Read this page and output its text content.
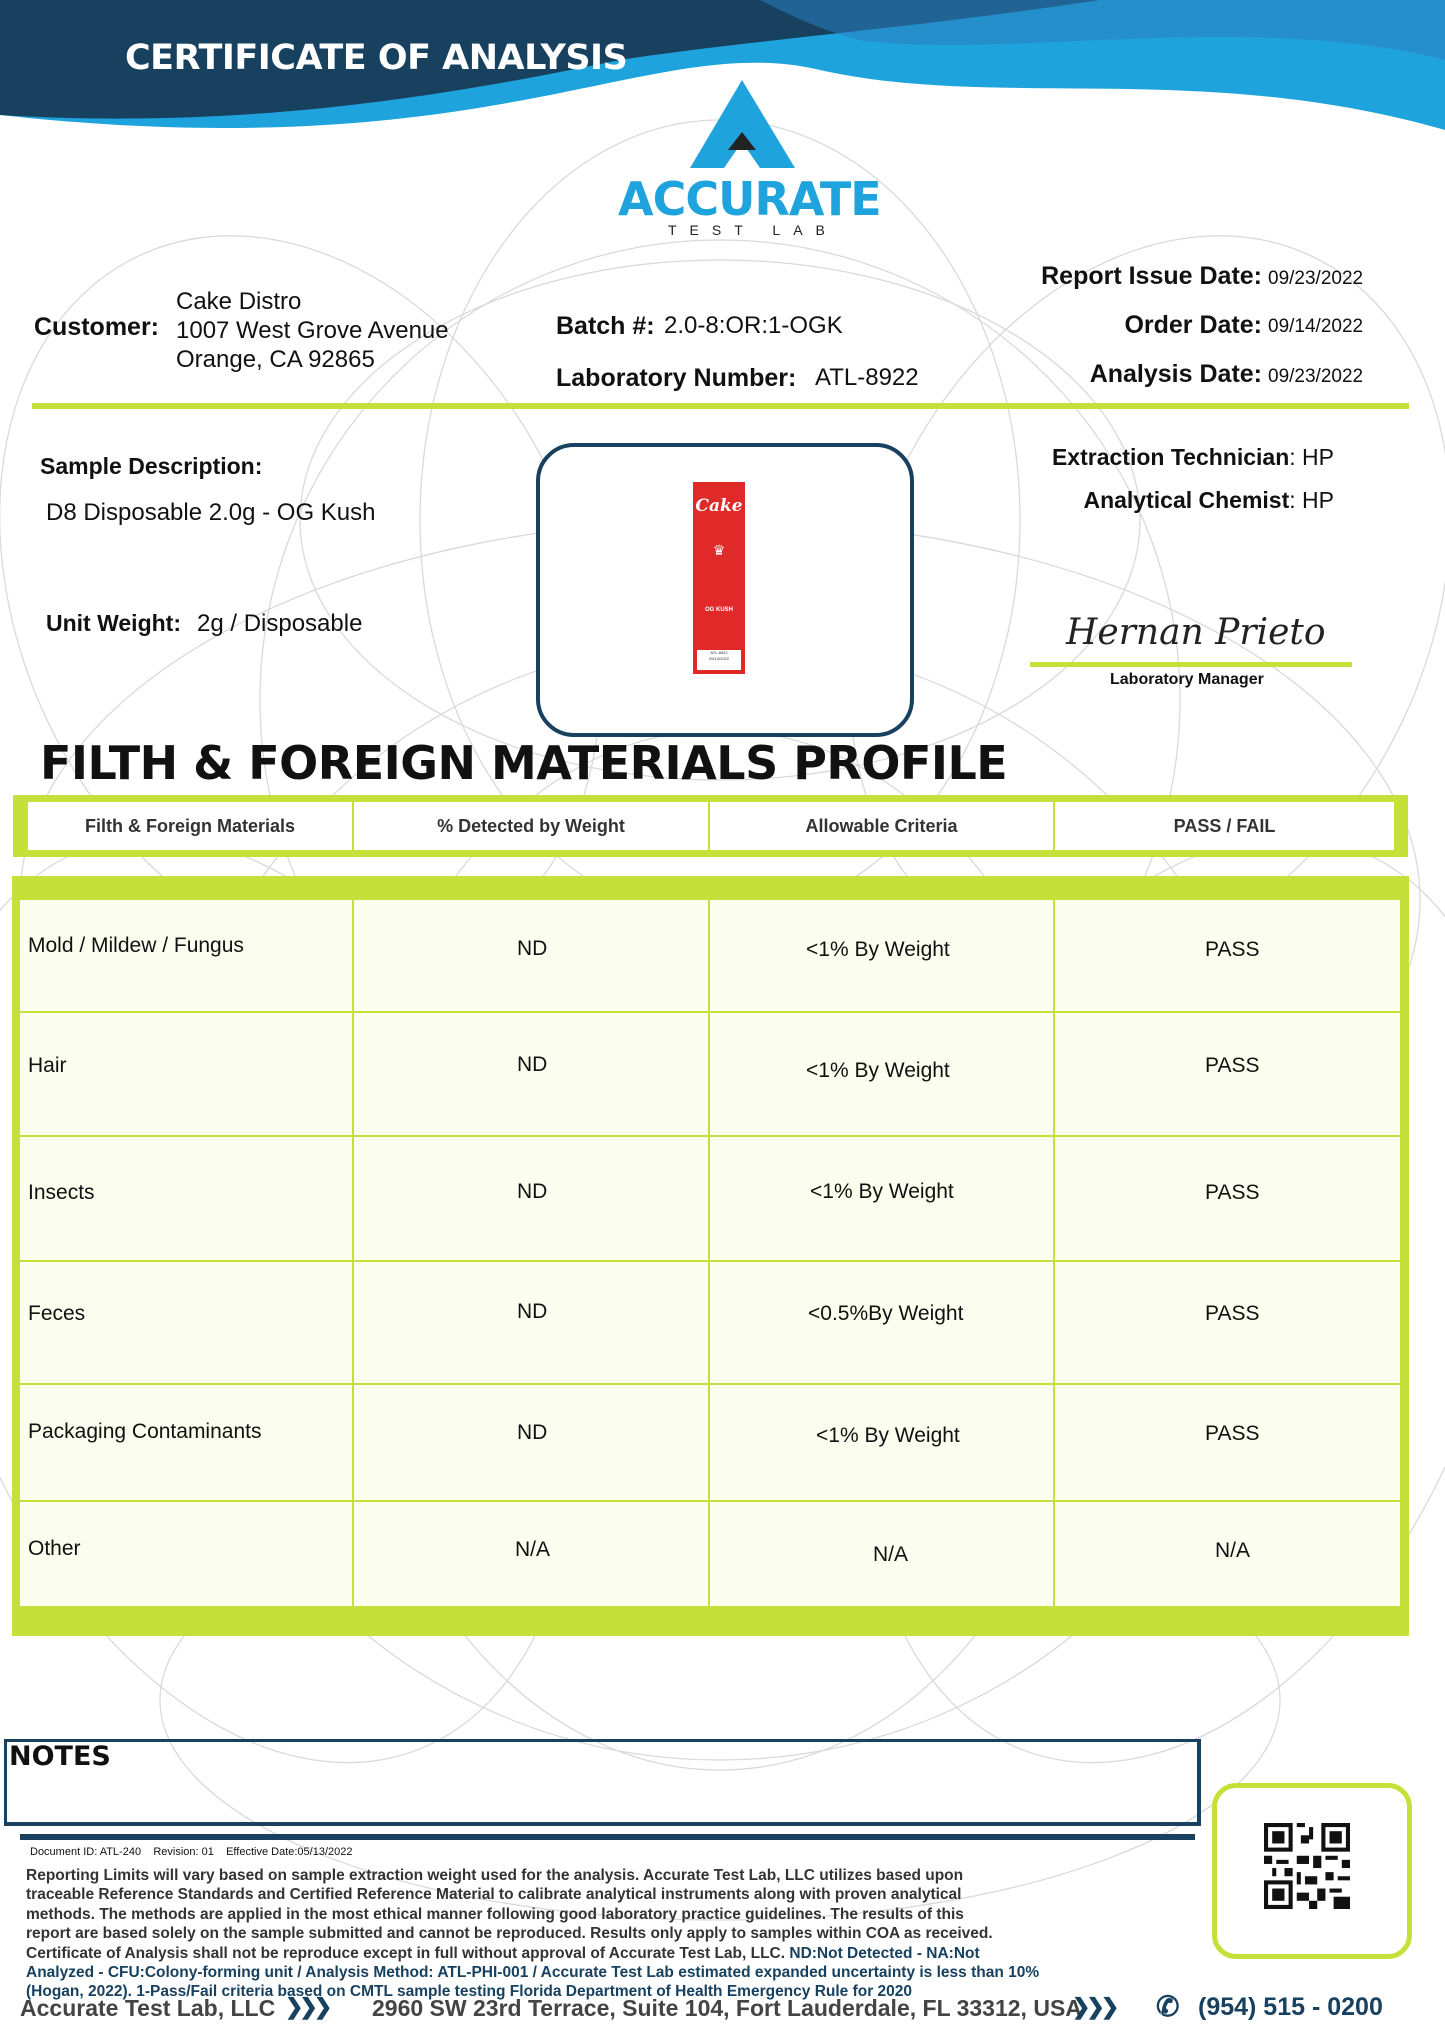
CERTIFICATE OF ANALYSIS
ACCURATE
TEST LAB
Customer:
Cake Distro
1007 West Grove Avenue
Orange, CA 92865
Batch #: 2.0-8:OR:1-OGK
Laboratory Number: ATL-8922
Report Issue Date: 09/23/2022
Order Date: 09/14/2022
Analysis Date: 09/23/2022
Sample Description:
D8 Disposable 2.0g - OG Kush
Unit Weight: 2g / Disposable
Cake
♛
OG KUSH
ATL-8922
09/14/2022
Extraction Technician: HP
Analytical Chemist: HP
Hernan Prieto
Laboratory Manager
FILTH & FOREIGN MATERIALS PROFILE
Filth & Foreign Materials	% Detected by Weight	Allowable Criteria	PASS / FAIL
Mold / Mildew / Fungus	ND	<1% By Weight	PASS
Hair	ND	<1% By Weight	PASS
Insects	ND	<1% By Weight	PASS
Feces	ND	<0.5%By Weight	PASS
Packaging Contaminants	ND	<1% By Weight	PASS
Other	N/A	N/A	N/A
NOTES
Document ID: ATL-240 Revision: 01 Effective Date:05/13/2022
Reporting Limits will vary based on sample extraction weight used for the analysis. Accurate Test Lab, LLC utilizes based upon
traceable Reference Standards and Certified Reference Material to calibrate analytical instruments along with proven analytical
methods. The methods are applied in the most ethical manner following good laboratory practice guidelines. The results of this
report are based solely on the sample submitted and cannot be reproduced. Results only apply to samples within COA as received.
Certificate of Analysis shall not be reproduce except in full without approval of Accurate Test Lab, LLC. ND:Not Detected - NA:Not
Analyzed - CFU:Colony-forming unit / Analysis Method: ATL-PHI-001 / Accurate Test Lab estimated expanded uncertainty is less than 10%
(Hogan, 2022). 1-Pass/Fail criteria based on CMTL sample testing Florida Department of Health Emergency Rule for 2020
Accurate Test Lab, LLC ❯❯❯ 2960 SW 23rd Terrace, Suite 104, Fort Lauderdale, FL 33312, USA
❯❯❯ ✆ (954) 515 - 0200
